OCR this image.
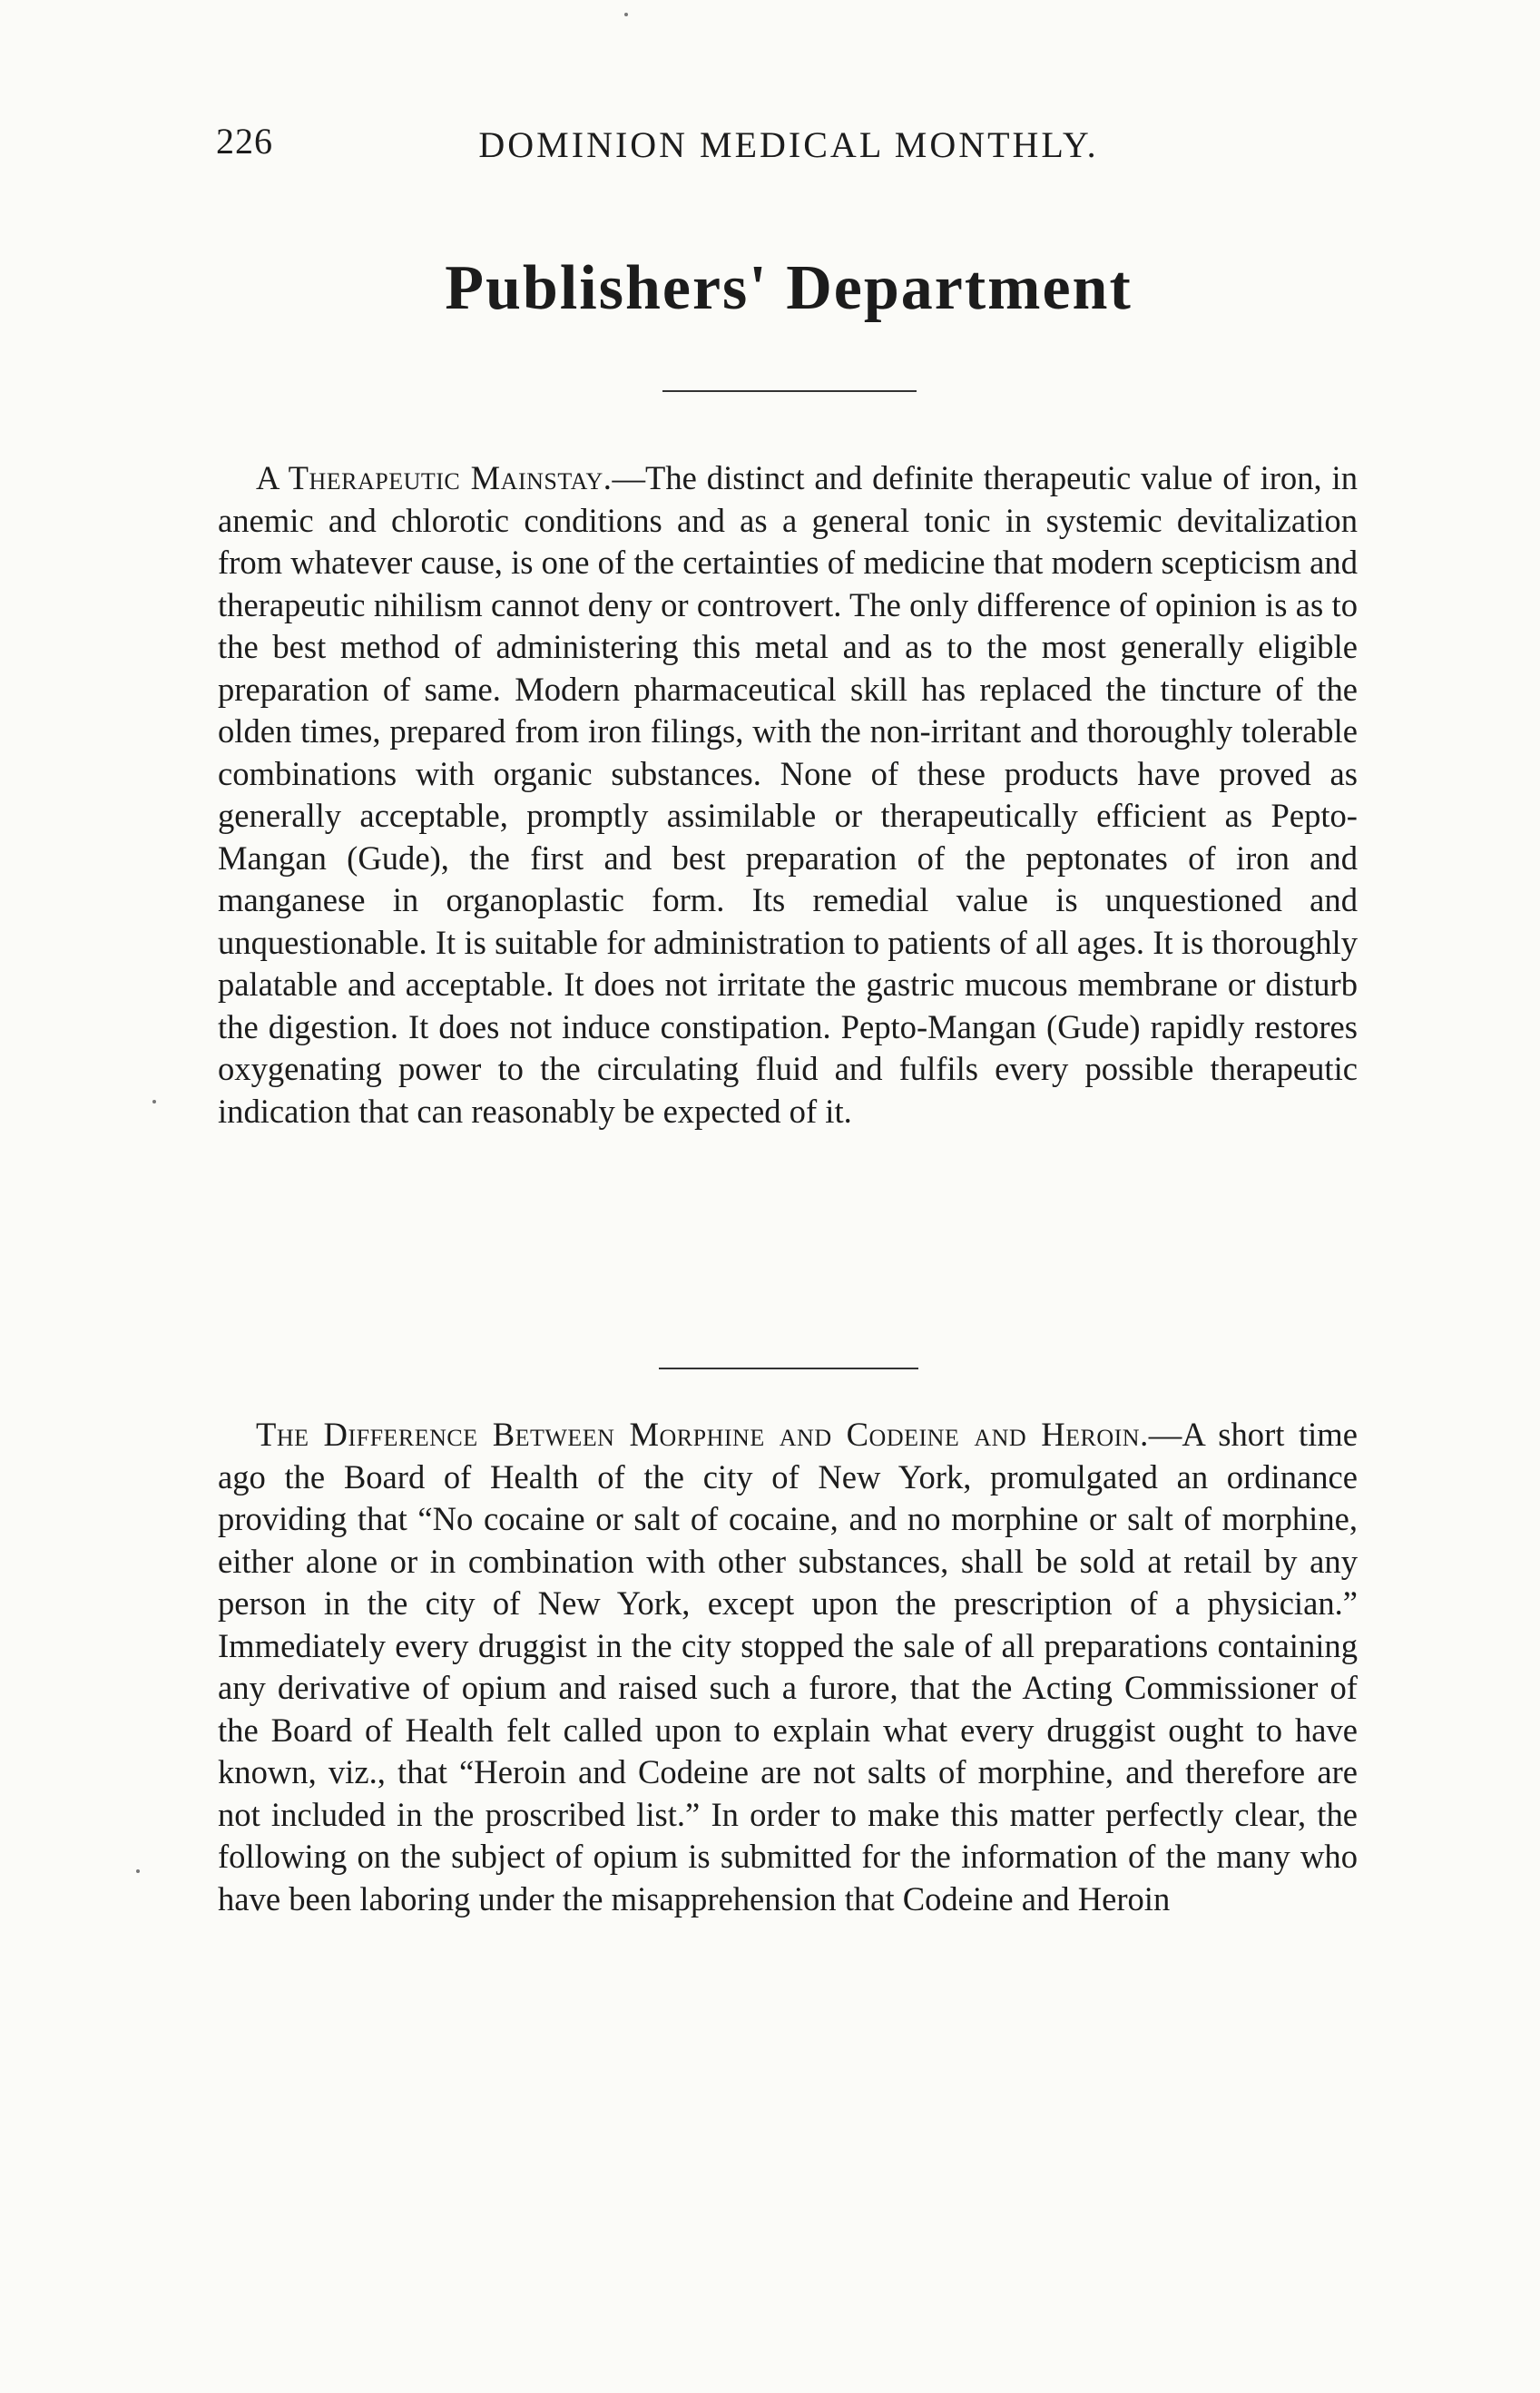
226	DOMINION MEDICAL MONTHLY.
Publishers' Department

A Therapeutic Mainstay.—The distinct and definite therapeutic value of iron, in anemic and chlorotic conditions and as a general tonic in systemic devitalization from whatever cause, is one of the certainties of medicine that modern scepticism and therapeutic nihilism cannot deny or controvert. The only difference of opinion is as to the best method of administering this metal and as to the most generally eligible preparation of same. Modern pharmaceutical skill has replaced the tincture of the olden times, prepared from iron filings, with the non-irritant and thoroughly tolerable combinations with organic substances. None of these products have proved as generally acceptable, promptly assimilable or therapeutically efficient as Pepto-Mangan (Gude), the first and best preparation of the peptonates of iron and manganese in organoplastic form. Its remedial value is unquestioned and unquestionable. It is suitable for administration to patients of all ages. It is thoroughly palatable and acceptable. It does not irritate the gastric mucous membrane or disturb the digestion. It does not induce constipation. Pepto-Mangan (Gude) rapidly restores oxygenating power to the circulating fluid and fulfils every possible therapeutic indication that can reasonably be expected of it.

The Difference Between Morphine and Codeine and Heroin.—A short time ago the Board of Health of the city of New York, promulgated an ordinance providing that “No cocaine or salt of cocaine, and no morphine or salt of morphine, either alone or in combination with other substances, shall be sold at retail by any person in the city of New York, except upon the prescription of a physician.” Immediately every druggist in the city stopped the sale of all preparations containing any derivative of opium and raised such a furore, that the Acting Commissioner of the Board of Health felt called upon to explain what every druggist ought to have known, viz., that “Heroin and Codeine are not salts of morphine, and therefore are not included in the proscribed list.” In order to make this matter perfectly clear, the following on the subject of opium is submitted for the information of the many who have been laboring under the misapprehension that Codeine and Heroin
